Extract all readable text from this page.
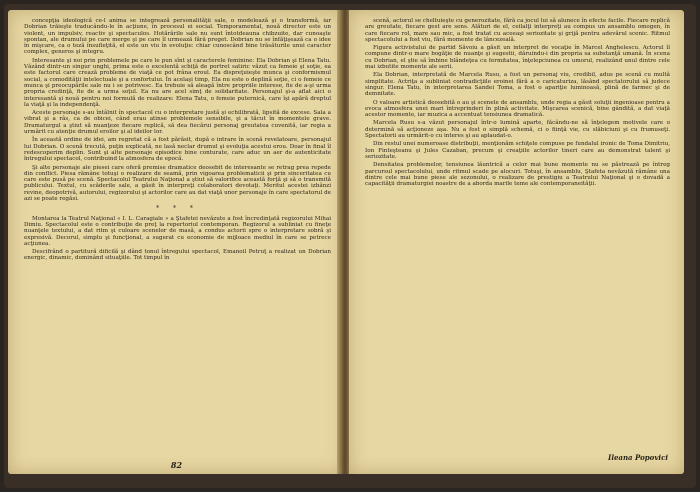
concepţia ideologică ce-l anima se integrează personalităţii sale, o modelează şi o transformă, iar Dobrian trăieşte traducându-le în acţiune, în procesul ei social. Temporamental, nouă director este un violent, un impulsiv, reactiv şi spectaculos. Hotărârile sale nu sunt întotdeauna chibzuite, dar cunoaşte spontan, ale drumului pe care merge şi pe care îl urmează fără preget. Dobrian nu se înfăţişează ca o idee în mişcare, ca o teză însufleţită, el este un viu în evoluţie: chiar cunoscând bine trăsăturile unui caracter complex, generos şi integru.

Interesante şi noi prin problemele pe care le pun sînt şi caracterele feminine: Ela Dobrian şi Elena Tatu. Văzând dintr-un singur unghi, prima este o excelentă schiţă de portret satiric văzut ca femeie şi soţie, ea este factorul care crează probleme de viaţă ce pot frâna eroul. Ea dispreţuieşte munca şi conformismul social, a comodităţii intelectuale şi a confortului. În acelaşi timp, Ela nu este o deplină soţie, ci o femeie ce munca şi preocupările sale nu i se potrivesc. Ea trebuie să aleagă între propriile interese, fie de a-şi urma propria credinţă, fie de a urma soţul. Ea nu are acel simţ de solidaritate. Personajul şi-a aflat aici o interesantă şi nouă pentru noi formulă de realizare: Elena Tatu, o femeie puternică, care îşi apără dreptul la viaţă şi la independenţă.

Aceste personaje s-au întâlnit în spectacol cu o interpretare justă şi echilibrată, lipsită de excese. Sala a vibrat şi a râs, ca de obicei, când erau atinse problemele sensibile, şi a tăcut în momentele grave. Dramaturgul a ştiut să nuanţeze fiecare replică, să dea fiecărui personaj greutatea cuvenită, iar regia a urmărit cu atenţie drumul eroilor şi al ideilor lor.

În această ordine de idei, am regretat că a fost părăsit, după o intrare în scenă revelatoare, personajul lui Dobrian. O scenă trecută, puţin explicată, ne lasă neclar drumul şi evoluţia acestui erou. Doar în final îl redescoperim deplin. Sunt şi alte personaje episodice bine conturate, care aduc un aer de autenticitate întregului spectacol, contribuind la atmosfera de epocă.

Şi alte personaje ale piesei care oferă premise dramatice deosebit de interesante se retrag prea repede din conflict. Piesa rămâne totuşi o realizare de seamă, prin vigoarea problematicii şi prin sinceritatea cu care este pusă pe scenă. Spectacolul Teatrului Naţional a ştiut să valorifice această forţă şi să o transmită publicului. Textul, cu scăderile sale, a găsit în interpreţi colaboratori devotaţi. Meritul acestei izbânzi revine, deopotrivă, autorului, regizorului şi actorilor care au dat viaţă unor personaje în care spectatorul de azi se poate regăsi.

* * *

Montarea la Teatrul Naţional « I. L. Caragiale » a Ştafetei nevăzute a fost încredinţată regizorului Mihai Dimiu. Spectacolul este o contribuţie de preţ la repertoriul contemporan. Regizorul a subliniat cu fineţe nuanţele textului, a dat ritm şi culoare scenelor de masă, a condus actorii spre o interpretare sobră şi expresivă. Decorul, simplu şi funcţional, a sugerat cu economie de mijloace mediul în care se petrece acţiunea.

Descifrând o partitură dificilă şi dând tonul întregului spectacol, Emanoil Petruţ a realizat un Dobrian energic, dinamic, dominând situaţiile. Tot timpul în

82

scenă, actorul se cheltuieşte cu generozitate, fără ca jocul lui să alunece în efecte facile. Fiecare replică are greutate, fiecare gest are sens. Alături de el, ceilalţi interpreţi au compus un ansamblu omogen, în care fiecare rol, mare sau mic, a fost tratat cu aceeaşi seriozitate şi grijă pentru adevărul scenic. Ritmul spectacolului a fost viu, fără momente de lâncezeală.

Figura activistului de partid Săvoiu a găsit un interpret de vocaţie în Marcel Anghelescu. Actorul îl compune dintr-o mare bogăţie de nuanţe şi sugestii, dăruindu-i din propria sa substanţă umană. În scena cu Dobrian, el ştie să îmbine blândeţea cu fermitatea, înţelepciunea cu umorul, realizând unul dintre cele mai izbutite momente ale serii.

Ela Dobrian, interpretată de Marcela Rusu, a fost un personaj viu, credibil, adus pe scenă cu multă simplitate. Actriţa a subliniat contradicţiile eroinei fără a o caricaturiza, lăsând spectatorului să judece singur. Elena Tatu, în interpretarea Sandei Toma, a fost o apariţie luminoasă, plină de farmec şi de demnitate.

O valoare artistică deosebită o au şi scenele de ansamblu, unde regia a găsit soluţii ingenioase pentru a evoca atmosfera unei mari întreprinderi în plină activitate. Mişcarea scenică, bine gândită, a dat viaţă acestor momente, iar muzica a accentuat tensiunea dramatică.

Marcela Rusu s-a văzut personajul într-o lumină aparte, făcându-ne să înţelegem motivele care o determină să acţioneze aşa. Nu a fost o simplă schemă, ci o fiinţă vie, cu slăbiciuni şi cu frumuseţi. Spectatorii au urmărit-o cu interes şi au aplaudat-o.

Din restul unei numeroase distribuţii, menţionăm schiţele compuse pe fundalul ironic de Toma Dimitriu, Ion Finteşteanu şi Jules Cazaban, precum şi creaţiile actorilor tineri care au demonstrat talent şi seriozitate.

Densitatea problemelor, tensiunea lăuntrică a celor mai bune momente nu se păstrează pe întreg parcursul spectacolului, unde ritmul scade pe alocuri. Totuşi, în ansamblu, Ştafeta nevăzută rămâne una dintre cele mai bune piese ale sezonului, o realizare de prestigiu a Teatrului Naţional şi o dovadă a capacităţii dramaturgiei noastre de a aborda marile teme ale contemporaneităţii.

Ileana Popovici
